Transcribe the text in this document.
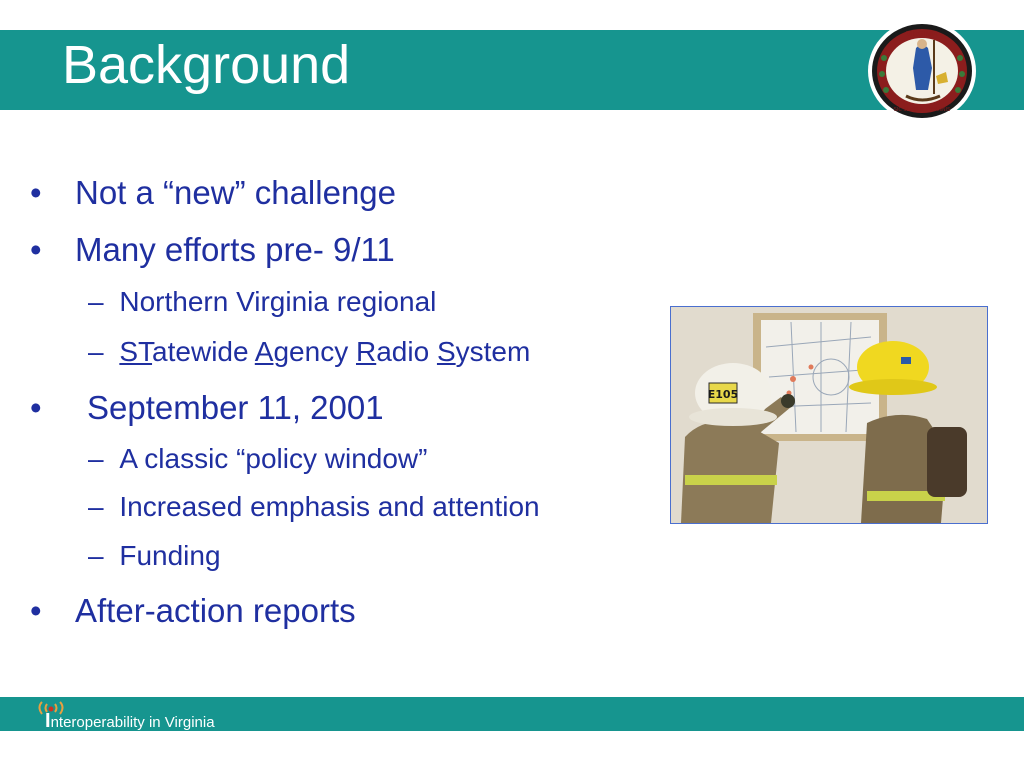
Background
VIRGINIA
SIC SEMPER TYRANNIS
• Not a “new” challenge
• Many efforts pre- 9/11
– Northern Virginia regional
– STatewide Agency Radio System
• September 11, 2001
– A classic “policy window”
– Increased emphasis and attention
– Funding
• After-action reports
E105
Interoperability in Virginia
